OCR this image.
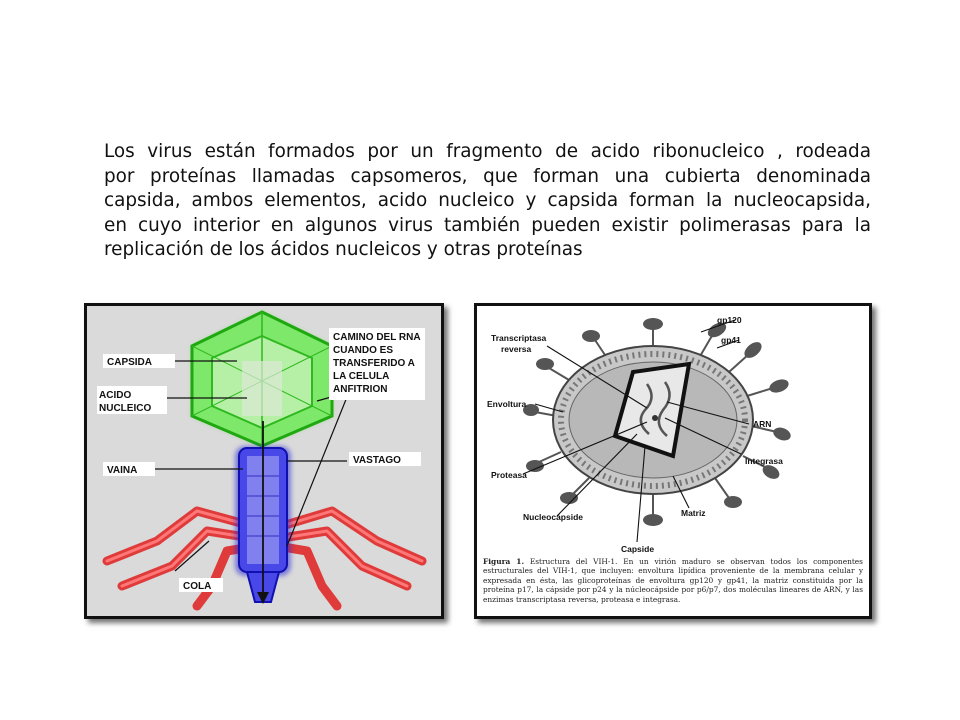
Los virus están formados por un fragmento de acido ribonucleico , rodeada
por proteínas llamadas capsomeros, que forman una cubierta denominada
capsida, ambos elementos, acido nucleico y capsida forman la nucleocapsida,
en cuyo interior en algunos virus también pueden existir polimerasas para la
replicación de los ácidos nucleicos y otras proteínas

CAPSIDA
ACIDO
NUCLEICO
VAINA
COLA
VASTAGO
CAMINO DEL RNA
CUANDO ES
TRANSFERIDO A
LA CELULA
ANFITRION
gp120
gp41
Transcriptasa
reversa
Envoltura
ARN
Integrasa
Proteasa
Nucleocápside	Matriz
Capside

Figura 1. Estructura del VIH-1. En un virión maduro se observan todos los componentes estructurales del VIH-1, que incluyen: envoltura lipídica proveniente de la membrana celular y expresada en ésta, las glicoproteínas de envoltura gp120 y gp41, la matriz constituida por la proteína p17, la cápside por p24 y la núcleocápside por p6/p7, dos moléculas lineares de ARN, y las enzimas transcriptasa reversa, proteasa e integrasa.
